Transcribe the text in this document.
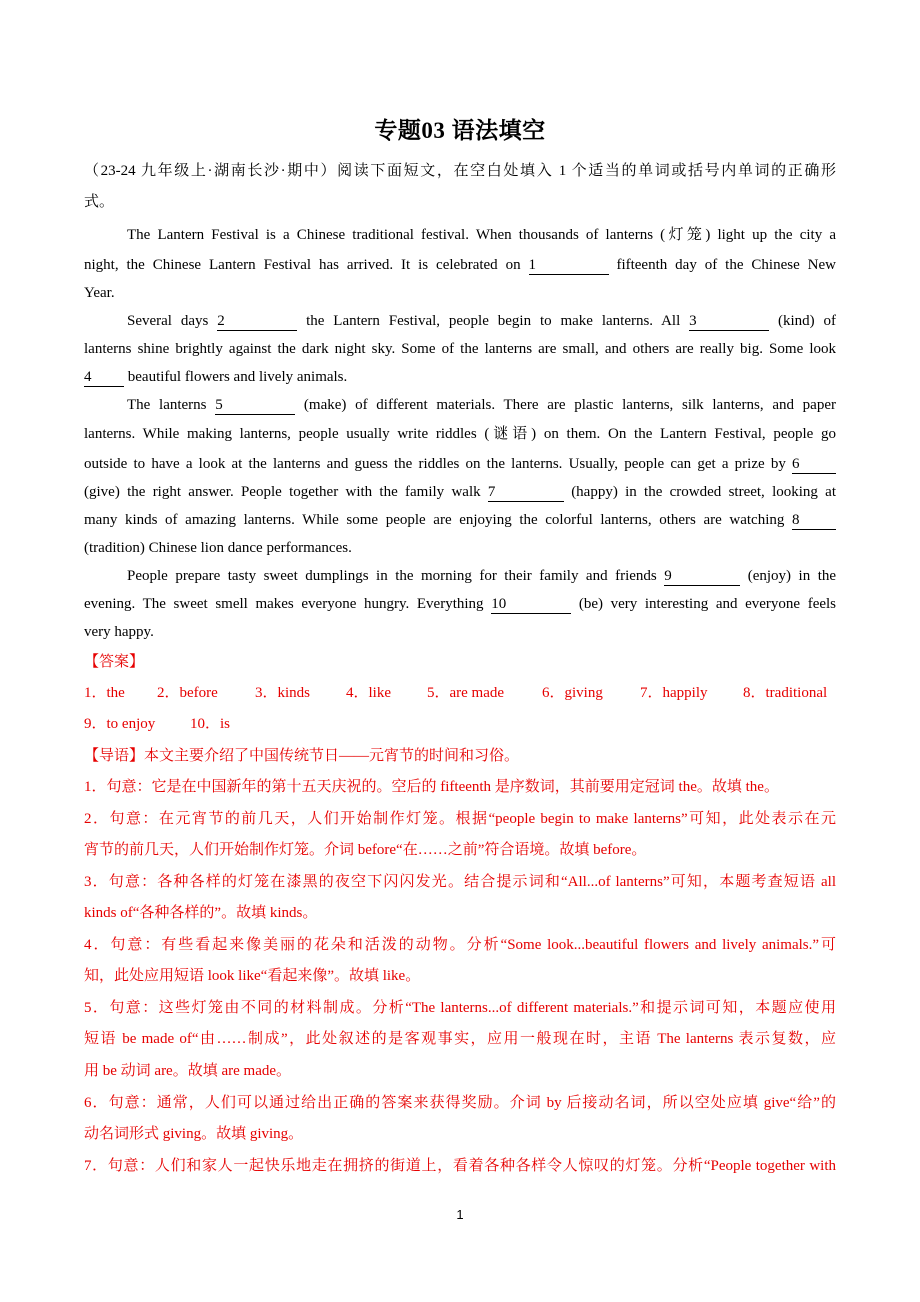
专题03 语法填空
（23-24 九年级上·湖南长沙·期中）阅读下面短文，在空白处填入 1 个适当的单词或括号内单词的正确形
式。
The Lantern Festival is a Chinese traditional festival. When thousands of lanterns (灯笼) light up the city a
night, the Chinese Lantern Festival has arrived. It is celebrated on 1	fifteenth day of the Chinese New
Year.
Several days 2	the Lantern Festival, people begin to make lanterns. All 3	(kind) of
lanterns shine brightly against the dark night sky. Some of the lanterns are small, and others are really big. Some look
4 beautiful flowers and lively animals.
The lanterns 5	(make) of different materials. There are plastic lanterns, silk lanterns, and paper
lanterns. While making lanterns, people usually write riddles (谜语) on them. On the Lantern Festival, people go
outside to have a look at the lanterns and guess the riddles on the lanterns. Usually, people can get a prize by 6
(give) the right answer. People together with the family walk 7	(happy) in the crowded street, looking at
many kinds of amazing lanterns. While some people are enjoying the colorful lanterns, others are watching 8
(tradition) Chinese lion dance performances.
People prepare tasty sweet dumplings in the morning for their family and friends 9	(enjoy) in the
evening. The sweet smell makes everyone hungry. Everything 10	(be) very interesting and everyone feels
very happy.
【答案】
1．the 2．before 3．kinds 4．like 5．are made	6．giving 7．happily 8．traditional
9．to enjoy 10．is
【导语】本文主要介绍了中国传统节日——元宵节的时间和习俗。
1．句意：它是在中国新年的第十五天庆祝的。空后的 fifteenth 是序数词，其前要用定冠词 the。故填 the。
2．句意：在元宵节的前几天，人们开始制作灯笼。根据“people begin to make lanterns”可知，此处表示在元
宵节的前几天，人们开始制作灯笼。介词 before“在……之前”符合语境。故填 before。
3．句意：各种各样的灯笼在漆黑的夜空下闪闪发光。结合提示词和“All...of lanterns”可知，本题考查短语 all
kinds of“各种各样的”。故填 kinds。
4．句意：有些看起来像美丽的花朵和活泼的动物。分析“Some look...beautiful flowers and lively animals.”可
知，此处应用短语 look like“看起来像”。故填 like。
5．句意：这些灯笼由不同的材料制成。分析“The lanterns...of different materials.”和提示词可知，本题应使用
短语 be made of“由……制成”，此处叙述的是客观事实，应用一般现在时，主语 The lanterns 表示复数，应
用 be 动词 are。故填 are made。
6．句意：通常，人们可以通过给出正确的答案来获得奖励。介词 by 后接动名词，所以空处应填 give“给”的
动名词形式 giving。故填 giving。
7．句意：人们和家人一起快乐地走在拥挤的街道上，看着各种各样令人惊叹的灯笼。分析“People together with
1
